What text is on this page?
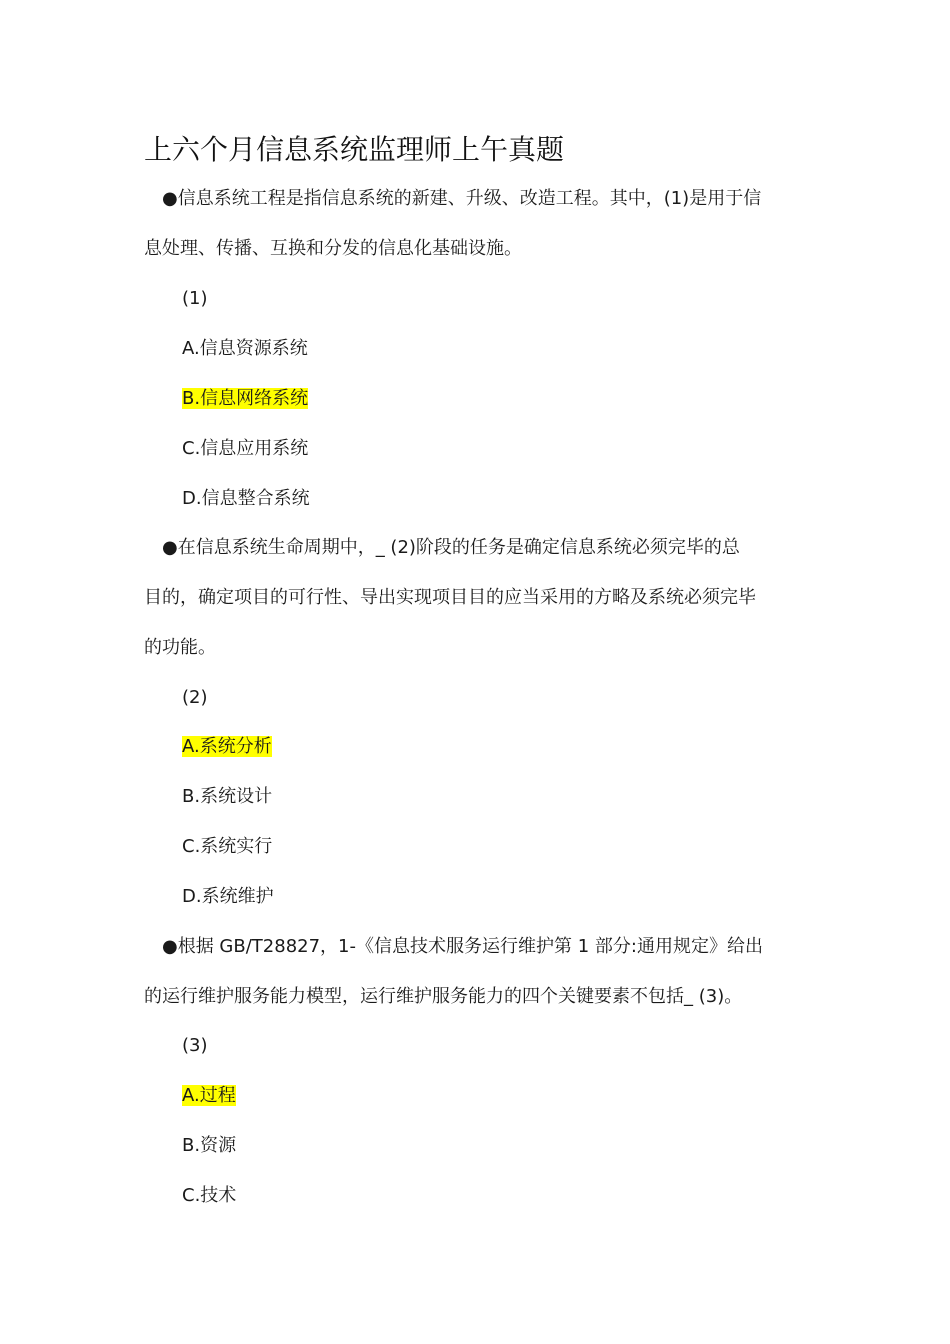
上六个月信息系统监理师上午真题

●信息系统工程是指信息系统的新建、升级、改造工程。其中，(1)是用于信

息处理、传播、互换和分发的信息化基础设施。

(1)

A.信息资源系统

B.信息网络系统

C.信息应用系统

D.信息整合系统

●在信息系统生命周期中，_ (2)阶段的任务是确定信息系统必须完毕的总

目的，确定项目的可行性、导出实现项目目的应当采用的方略及系统必须完毕

的功能。

(2)

A.系统分析

B.系统设计

C.系统实行

D.系统维护

●根据 GB/T28827，1-《信息技术服务运行维护第 1 部分:通用规定》给出

的运行维护服务能力模型，运行维护服务能力的四个关键要素不包括_ (3)。

(3)

A.过程

B.资源

C.技术
